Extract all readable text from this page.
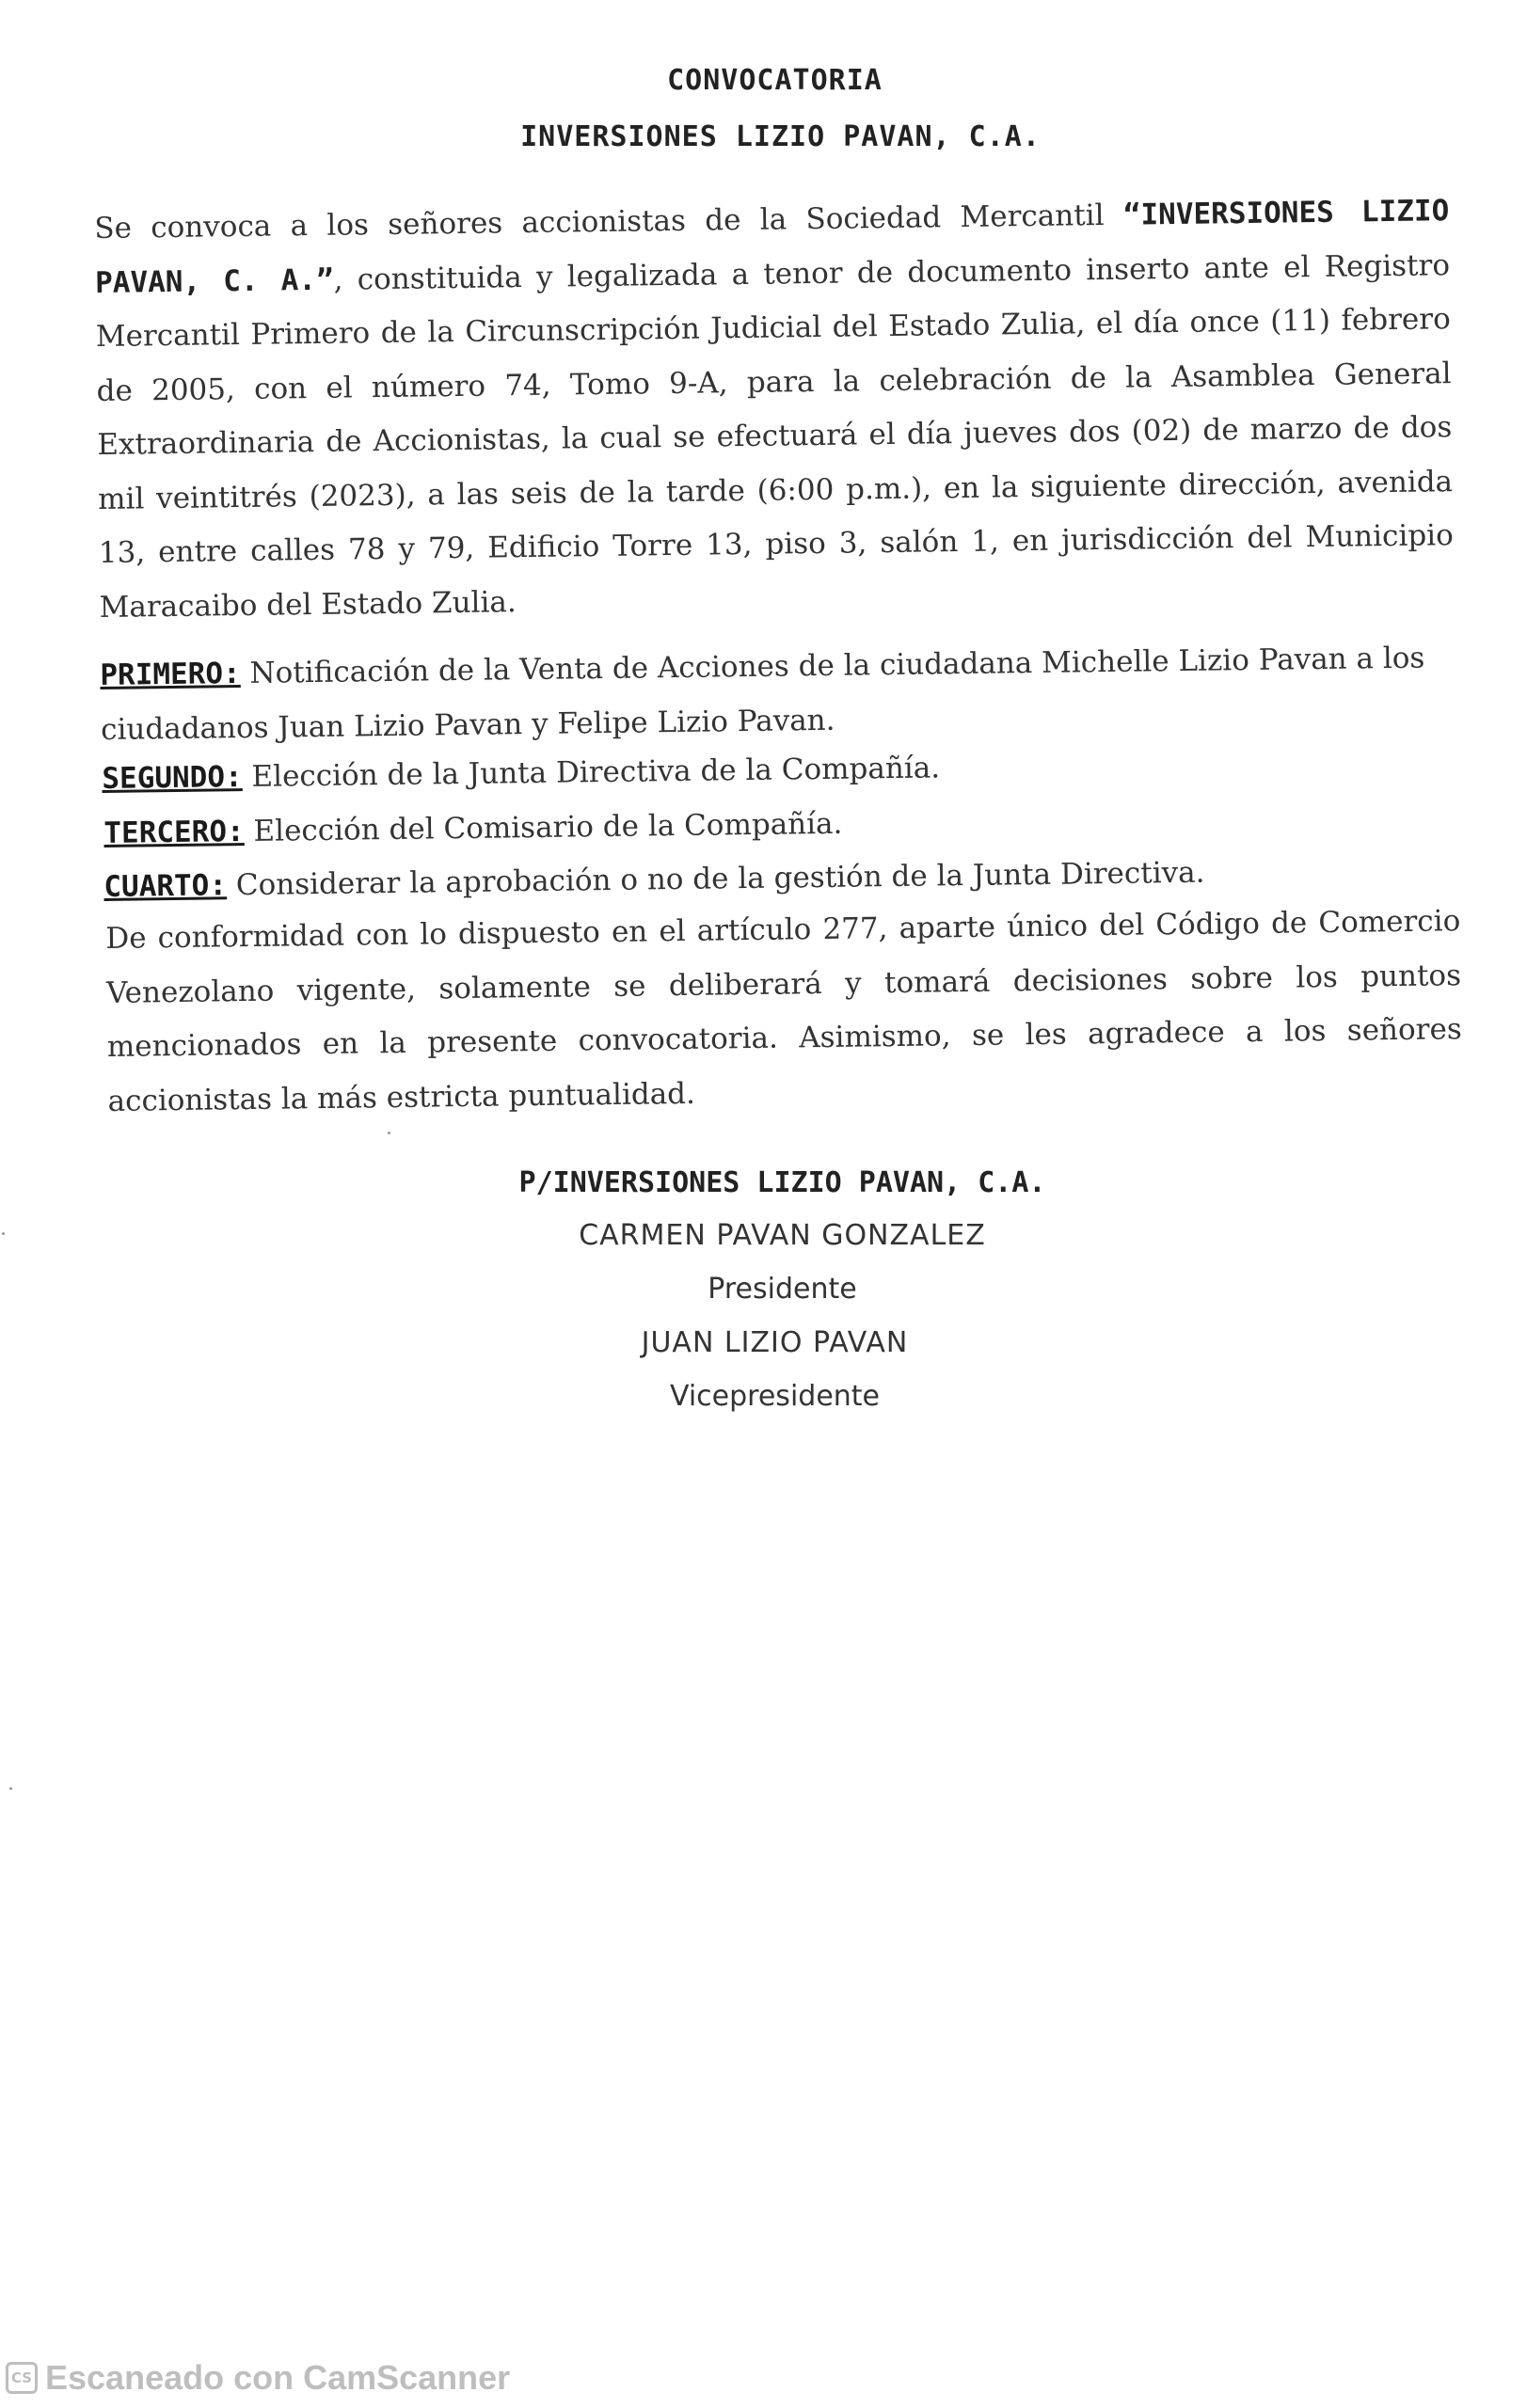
CONVOCATORIA
INVERSIONES LIZIO PAVAN, C.A.
Se convoca a los señores accionistas de la Sociedad Mercantil “INVERSIONES LIZIO PAVAN, C. A.”, constituida y legalizada a tenor de documento inserto ante el Registro Mercantil Primero de la Circunscripción Judicial del Estado Zulia, el día once (11) febrero de 2005, con el número 74, Tomo 9-A, para la celebración de la Asamblea General Extraordinaria de Accionistas, la cual se efectuará el día jueves dos (02) de marzo de dos mil veintitrés (2023), a las seis de la tarde (6:00 p.m.), en la siguiente dirección, avenida 13, entre calles 78 y 79, Edificio Torre 13, piso 3, salón 1, en jurisdicción del Municipio Maracaibo del Estado Zulia.
PRIMERO: Notificación de la Venta de Acciones de la ciudadana Michelle Lizio Pavan a los ciudadanos Juan Lizio Pavan y Felipe Lizio Pavan.
SEGUNDO: Elección de la Junta Directiva de la Compañía.
TERCERO: Elección del Comisario de la Compañía.
CUARTO: Considerar la aprobación o no de la gestión de la Junta Directiva.
De conformidad con lo dispuesto en el artículo 277, aparte único del Código de Comercio Venezolano vigente, solamente se deliberará y tomará decisiones sobre los puntos mencionados en la presente convocatoria. Asimismo, se les agradece a los señores accionistas la más estricta puntualidad.
P/INVERSIONES LIZIO PAVAN, C.A.
CARMEN PAVAN GONZALEZ
Presidente
JUAN LIZIO PAVAN
Vicepresidente
CS Escaneado con CamScanner
